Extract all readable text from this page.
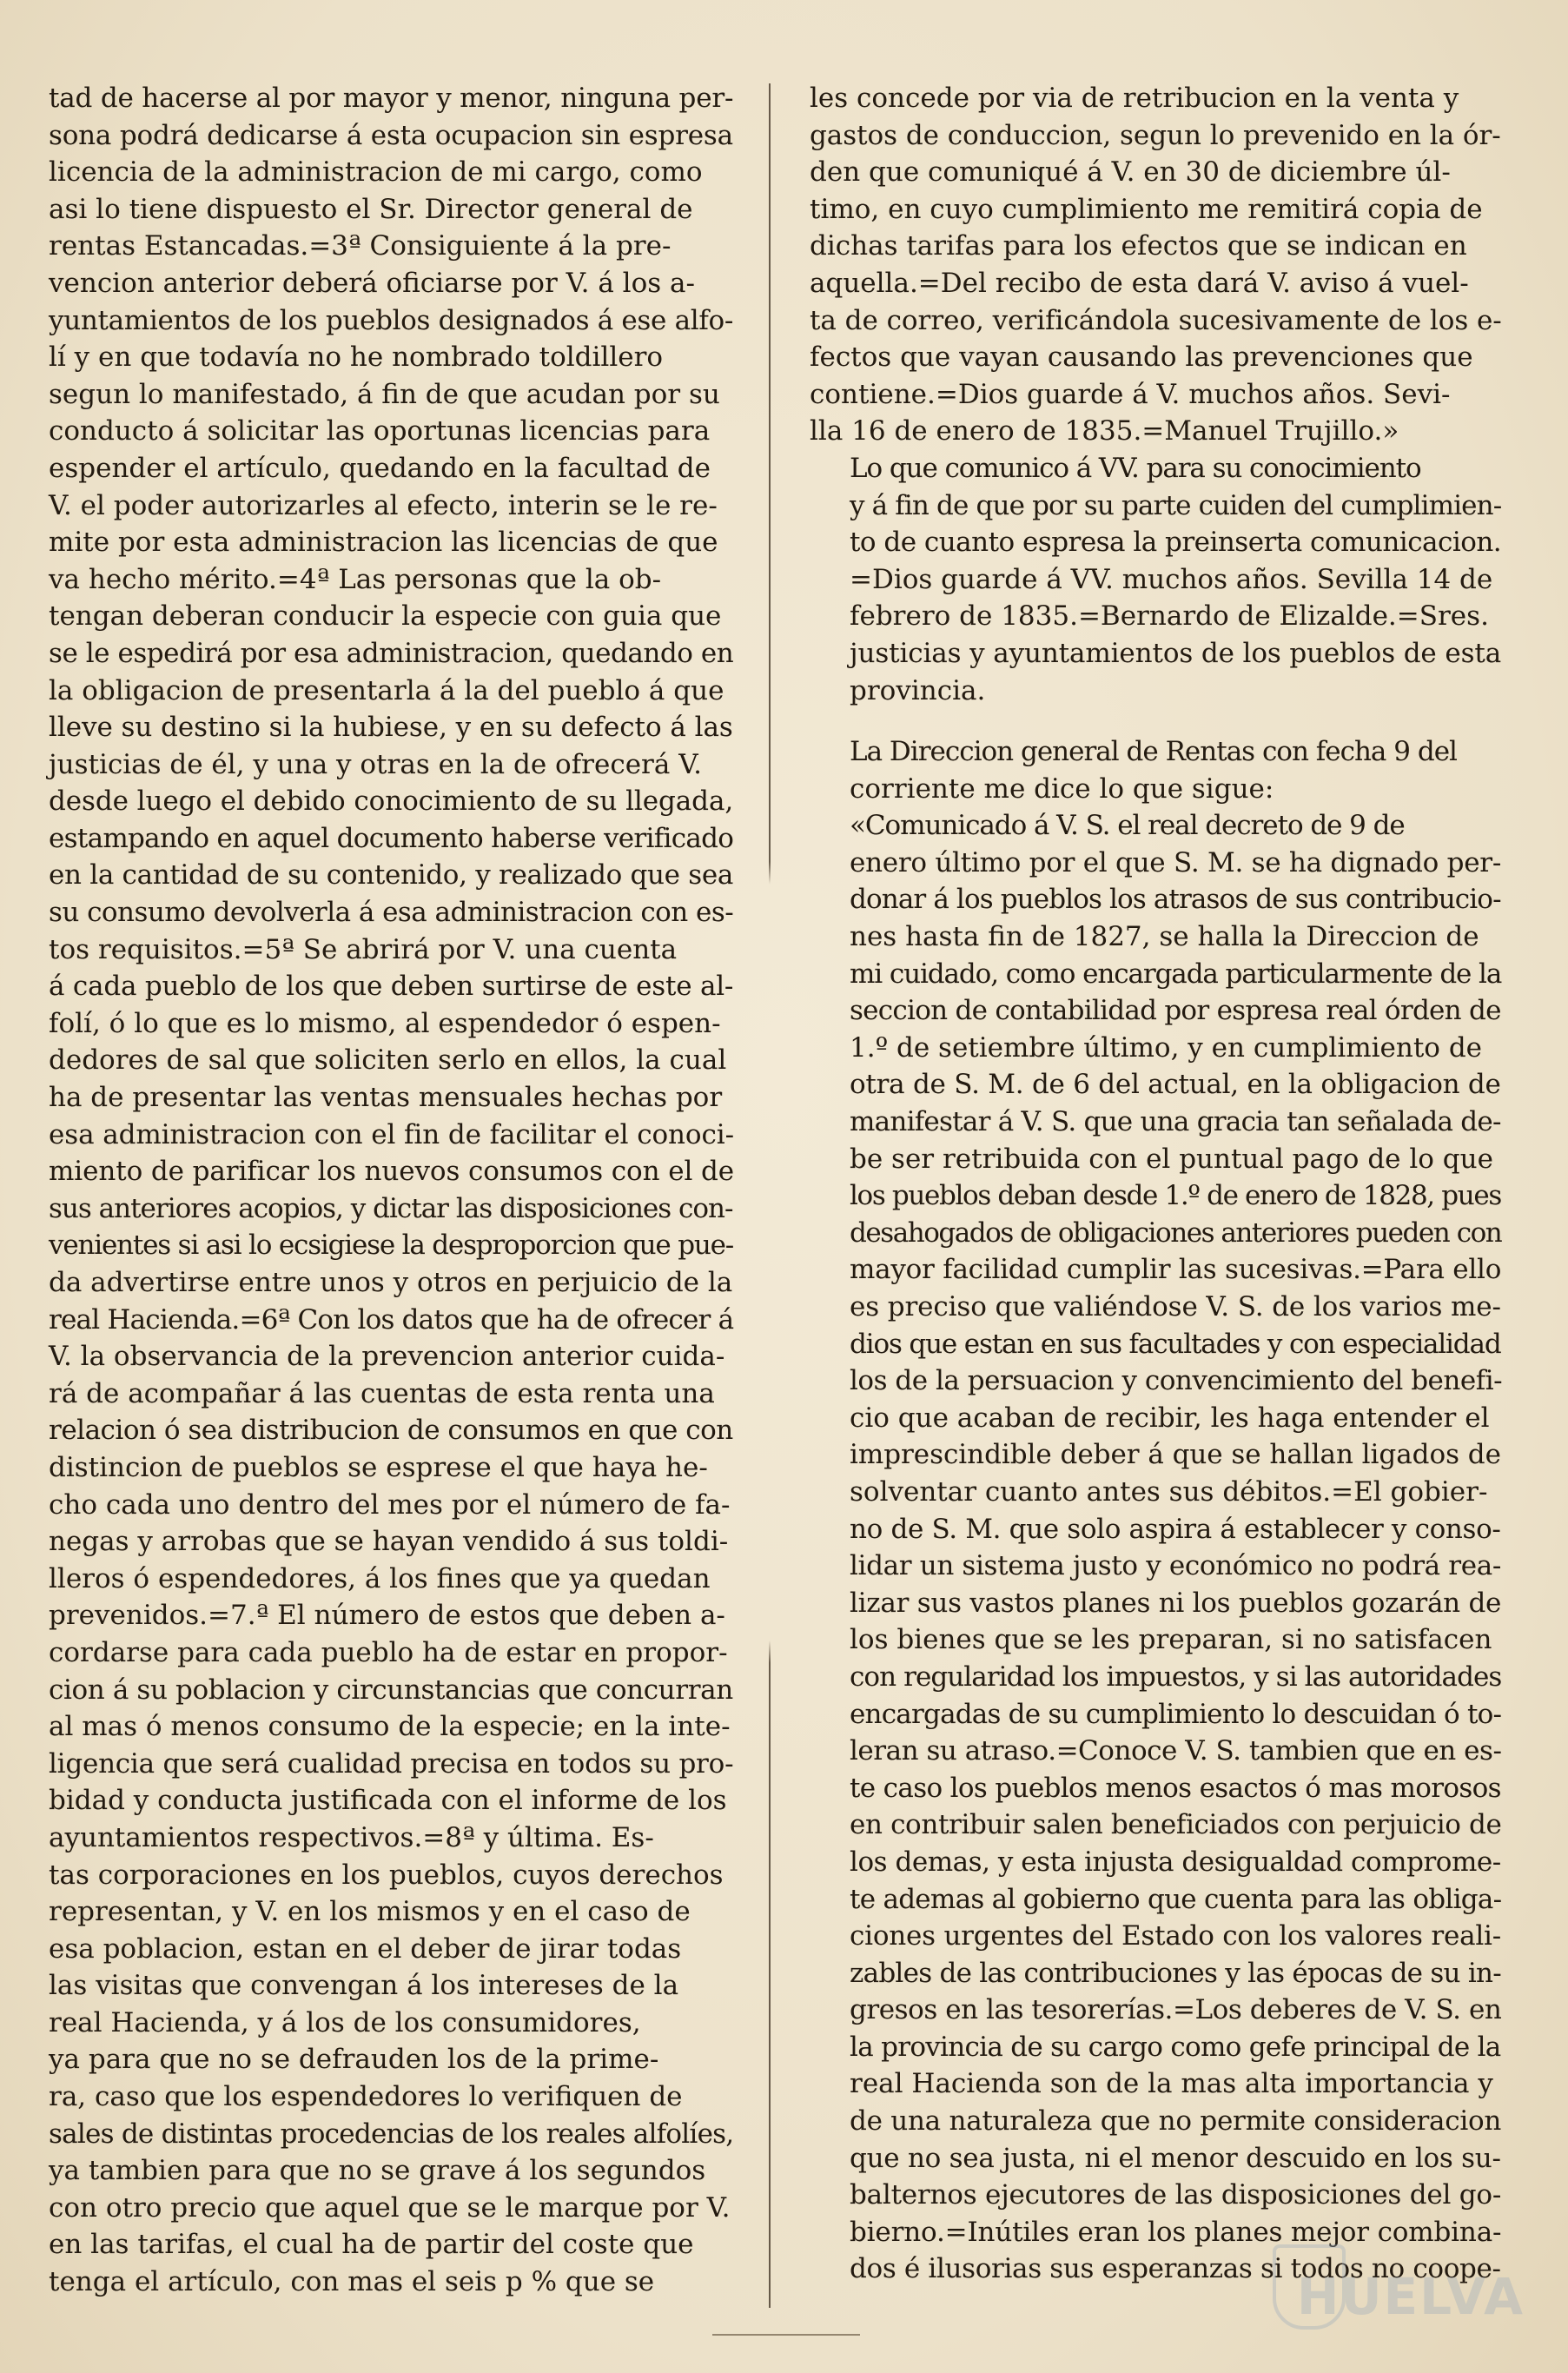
tad de hacerse al por mayor y menor, ninguna per-
sona podrá dedicarse á esta ocupacion sin espresa
licencia de la administracion de mi cargo, como
asi lo tiene dispuesto el Sr. Director general de
rentas Estancadas.=3ª Consiguiente á la pre-
vencion anterior deberá oficiarse por V. á los a-
yuntamientos de los pueblos designados á ese alfo-
lí y en que todavía no he nombrado toldillero
segun lo manifestado, á fin de que acudan por su
conducto á solicitar las oportunas licencias para
espender el artículo, quedando en la facultad de
V. el poder autorizarles al efecto, interin se le re-
mite por esta administracion las licencias de que
va hecho mérito.=4ª Las personas que la ob-
tengan deberan conducir la especie con guia que
se le espedirá por esa administracion, quedando en
la obligacion de presentarla á la del pueblo á que
lleve su destino si la hubiese, y en su defecto á las
justicias de él, y una y otras en la de ofrecerá V.
desde luego el debido conocimiento de su llegada,
estampando en aquel documento haberse verificado
en la cantidad de su contenido, y realizado que sea
su consumo devolverla á esa administracion con es-
tos requisitos.=5ª Se abrirá por V. una cuenta
á cada pueblo de los que deben surtirse de este al-
folí, ó lo que es lo mismo, al espendedor ó espen-
dedores de sal que soliciten serlo en ellos, la cual
ha de presentar las ventas mensuales hechas por
esa administracion con el fin de facilitar el conoci-
miento de parificar los nuevos consumos con el de
sus anteriores acopios, y dictar las disposiciones con-
venientes si asi lo ecsigiese la desproporcion que pue-
da advertirse entre unos y otros en perjuicio de la
real Hacienda.=6ª Con los datos que ha de ofrecer á
V. la observancia de la prevencion anterior cuida-
rá de acompañar á las cuentas de esta renta una
relacion ó sea distribucion de consumos en que con
distincion de pueblos se esprese el que haya he-
cho cada uno dentro del mes por el número de fa-
negas y arrobas que se hayan vendido á sus toldi-
lleros ó espendedores, á los fines que ya quedan
prevenidos.=7.ª El número de estos que deben a-
cordarse para cada pueblo ha de estar en propor-
cion á su poblacion y circunstancias que concurran
al mas ó menos consumo de la especie; en la inte-
ligencia que será cualidad precisa en todos su pro-
bidad y conducta justificada con el informe de los
ayuntamientos respectivos.=8ª y última. Es-
tas corporaciones en los pueblos, cuyos derechos
representan, y V. en los mismos y en el caso de
esa poblacion, estan en el deber de jirar todas
las visitas que convengan á los intereses de la
real Hacienda, y á los de los consumidores,
ya para que no se defrauden los de la prime-
ra, caso que los espendedores lo verifiquen de
sales de distintas procedencias de los reales alfolíes,
ya tambien para que no se grave á los segundos
con otro precio que aquel que se le marque por V.
en las tarifas, el cual ha de partir del coste que
tenga el artículo, con mas el seis p % que se

les concede por via de retribucion en la venta y
gastos de conduccion, segun lo prevenido en la ór-
den que comuniqué á V. en 30 de diciembre úl-
timo, en cuyo cumplimiento me remitirá copia de
dichas tarifas para los efectos que se indican en
aquella.=Del recibo de esta dará V. aviso á vuel-
ta de correo, verificándola sucesivamente de los e-
fectos que vayan causando las prevenciones que
contiene.=Dios guarde á V. muchos años. Sevi-
lla 16 de enero de 1835.=Manuel Trujillo.»

Lo que comunico á VV. para su conocimiento
y á fin de que por su parte cuiden del cumplimien-
to de cuanto espresa la preinserta comunicacion.
=Dios guarde á VV. muchos años. Sevilla 14 de
febrero de 1835.=Bernardo de Elizalde.=Sres.
justicias y ayuntamientos de los pueblos de esta
provincia.

La Direccion general de Rentas con fecha 9 del
corriente me dice lo que sigue:

«Comunicado á V. S. el real decreto de 9 de
enero último por el que S. M. se ha dignado per-
donar á los pueblos los atrasos de sus contribucio-
nes hasta fin de 1827, se halla la Direccion de
mi cuidado, como encargada particularmente de la
seccion de contabilidad por espresa real órden de
1.º de setiembre último, y en cumplimiento de
otra de S. M. de 6 del actual, en la obligacion de
manifestar á V. S. que una gracia tan señalada de-
be ser retribuida con el puntual pago de lo que
los pueblos deban desde 1.º de enero de 1828, pues
desahogados de obligaciones anteriores pueden con
mayor facilidad cumplir las sucesivas.=Para ello
es preciso que valiéndose V. S. de los varios me-
dios que estan en sus facultades y con especialidad
los de la persuacion y convencimiento del benefi-
cio que acaban de recibir, les haga entender el
imprescindible deber á que se hallan ligados de
solventar cuanto antes sus débitos.=El gobier-
no de S. M. que solo aspira á establecer y conso-
lidar un sistema justo y económico no podrá rea-
lizar sus vastos planes ni los pueblos gozarán de
los bienes que se les preparan, si no satisfacen
con regularidad los impuestos, y si las autoridades
encargadas de su cumplimiento lo descuidan ó to-
leran su atraso.=Conoce V. S. tambien que en es-
te caso los pueblos menos esactos ó mas morosos
en contribuir salen beneficiados con perjuicio de
los demas, y esta injusta desigualdad comprome-
te ademas al gobierno que cuenta para las obliga-
ciones urgentes del Estado con los valores reali-
zables de las contribuciones y las épocas de su in-
gresos en las tesorerías.=Los deberes de V. S. en
la provincia de su cargo como gefe principal de la
real Hacienda son de la mas alta importancia y
de una naturaleza que no permite consideracion
que no sea justa, ni el menor descuido en los su-
balternos ejecutores de las disposiciones del go-
bierno.=Inútiles eran los planes mejor combina-
dos é ilusorias sus esperanzas si todos no coope-

HUELVA
